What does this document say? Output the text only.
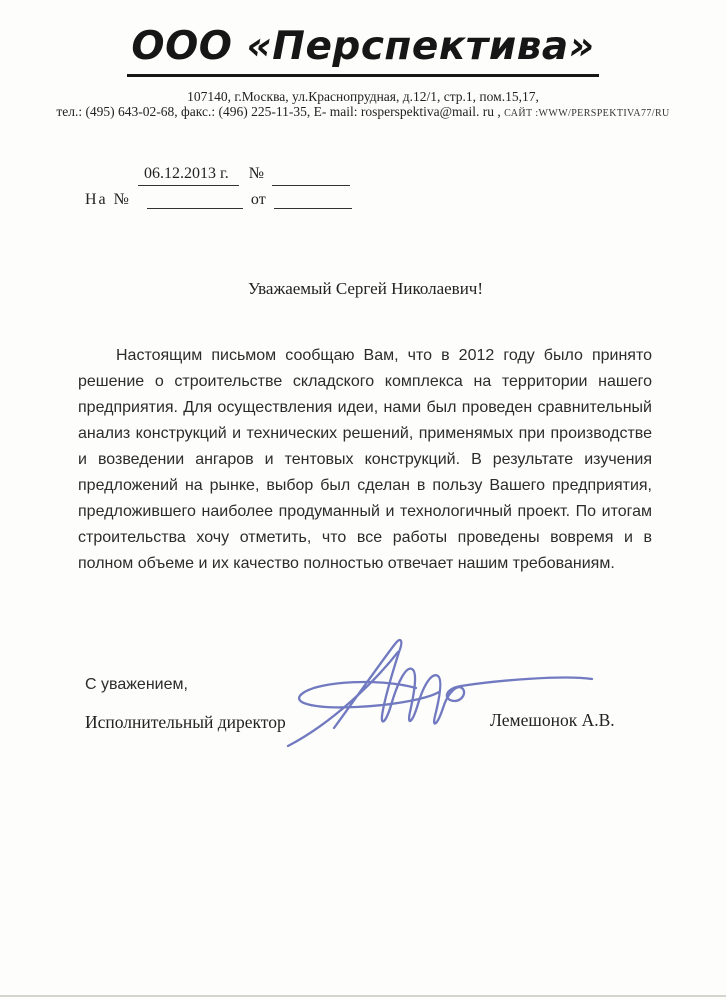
ООО «Перспектива»
107140, г.Москва, ул.Краснопрудная, д.12/1, стр.1, пом.15,17,
тел.: (495) 643-02-68, факс.: (496) 225-11-35, E- mail: rosperspektiva@mail. ru , САЙТ :WWW/PERSPEKTIVA77/RU
06.12.2013 г. №
На №	от
Уважаемый Сергей Николаевич!
Настоящим письмом сообщаю Вам, что в 2012 году было принято решение о строительстве складского комплекса на территории нашего предприятия. Для осуществления идеи, нами был проведен сравнительный анализ конструкций и технических решений, применямых при производстве и возведении ангаров и тентовых конструкций. В результате изучения предложений на рынке, выбор был сделан в пользу Вашего предприятия, предложившего наиболее продуманный и технологичный проект. По итогам строительства хочу отметить, что все работы проведены вовремя и в полном объеме и их качество полностью отвечает нашим требованиям.
С уважением,
Исполнительный директор	Лемешонок А.В.
